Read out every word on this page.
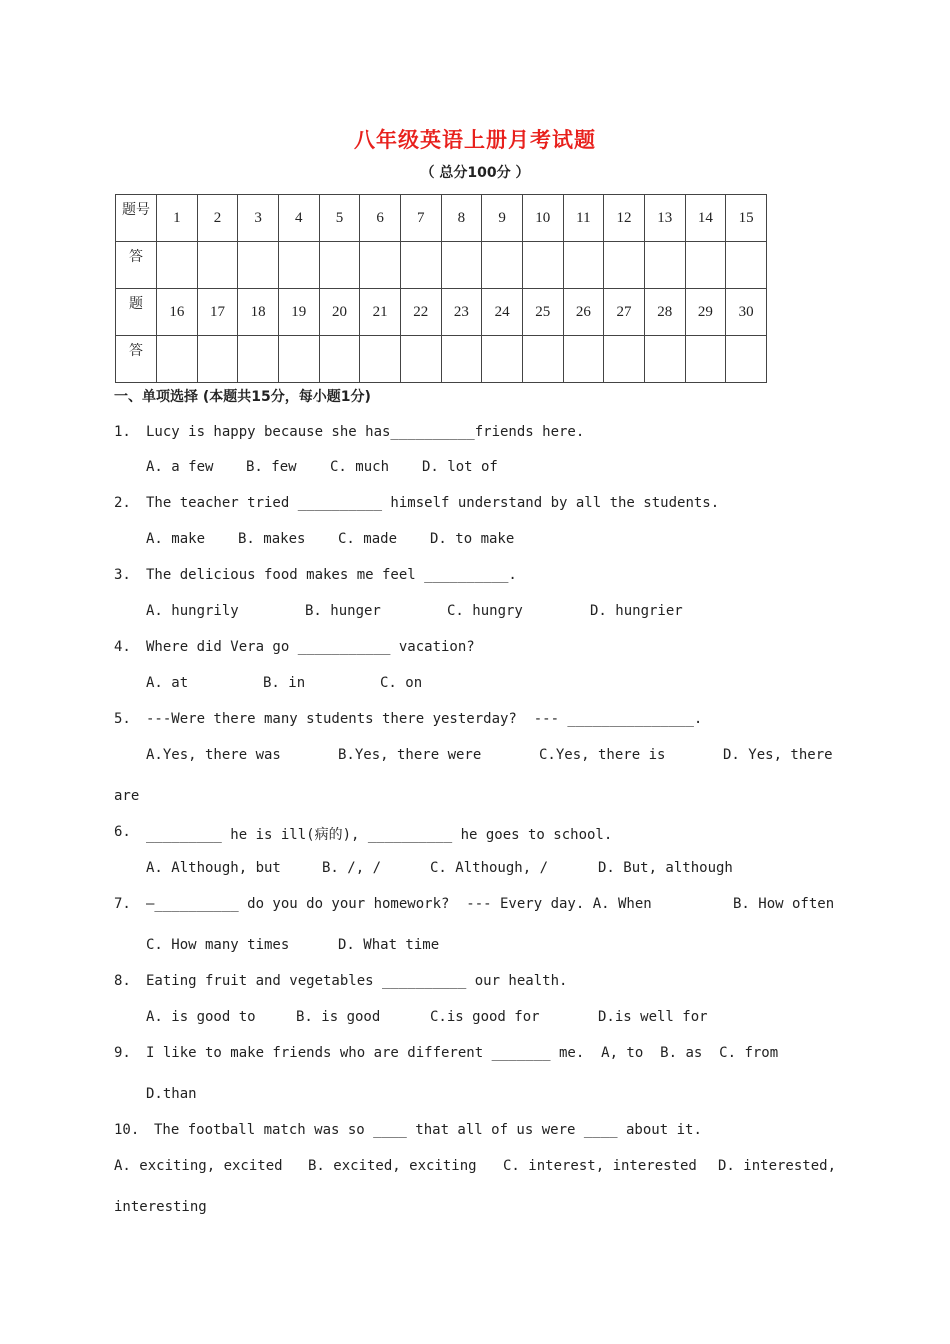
八年级英语上册月考试题
（ 总分100分 ）
题号	1	2	3	4	5	6	7	8	9	10	11	12	13	14	15
答															
题	16	17	18	19	20	21	22	23	24	25	26	27	28	29	30
答															
一、单项选择 (本题共15分，每小题1分)
1. Lucy is happy because she has__________friends here.
A. a few B. few C. much D. lot of
2. The teacher tried __________ himself understand by all the students.
A. make B. makes C. made D. to make
3. The delicious food makes me feel __________.
A. hungrily	B. hunger	C. hungry	D. hungrier
4. Where did Vera go ___________ vacation?
A. at	B. in	C. on
5. ---Were there many students there yesterday?  --- _______________.
A.Yes, there was	B.Yes, there were	C.Yes, there is	D. Yes, there
are
6. _________ he is ill(病的), __________ he goes to school.
A. Although, but	B. /, /	C. Although, /	D. But, although
7. —__________ do you do your homework?  --- Every day. A. When	B. How often
C. How many times	D. What time
8. Eating fruit and vegetables __________ our health.
A. is good to	B. is good	C.is good for	D.is well for
9. I like to make friends who are different _______ me.  A, to  B. as  C. from
D.than
10. The football match was so ____ that all of us were ____ about it.
A. exciting, excited B. excited, exciting C. interest, interested D. interested,
interesting
